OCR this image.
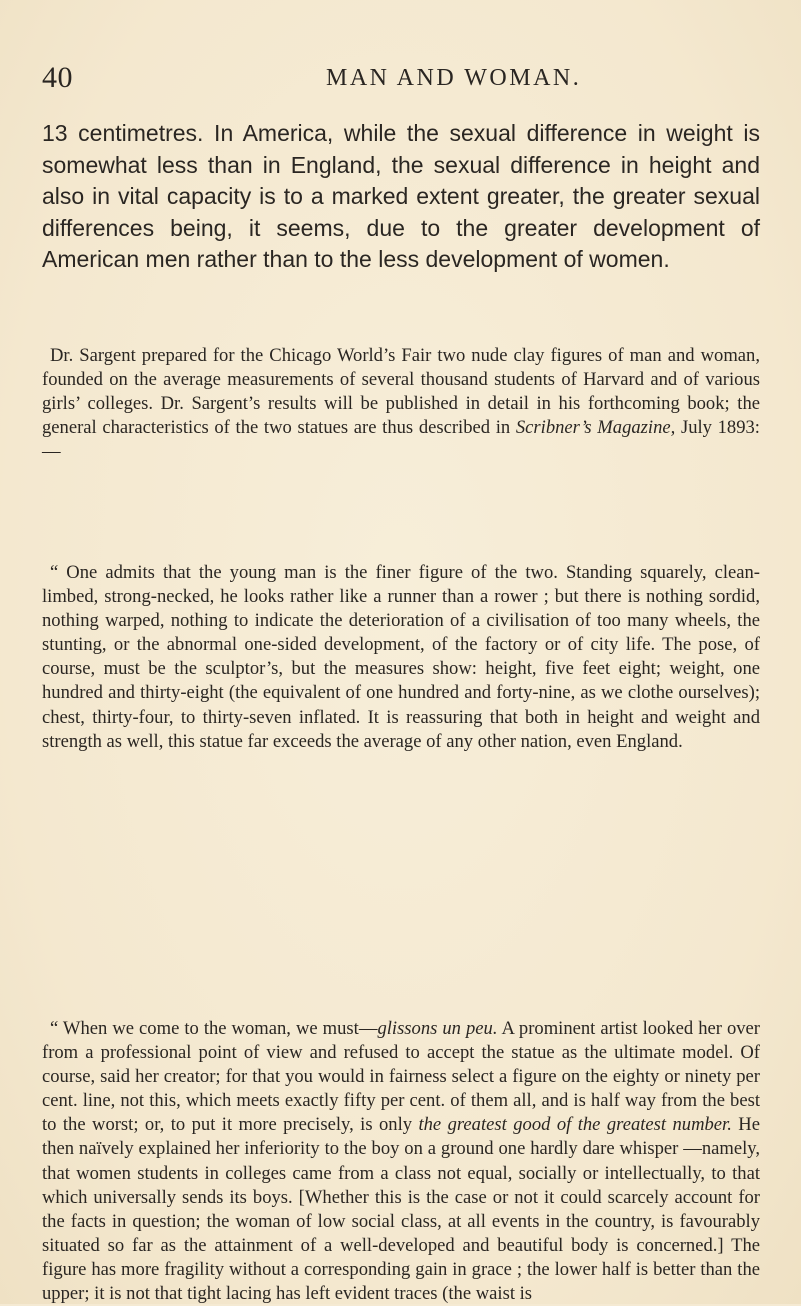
40	MAN AND WOMAN.

13 centimetres. In America, while the sexual difference in weight is somewhat less than in England, the sexual difference in height and also in vital capacity is to a marked extent greater, the greater sexual differences being, it seems, due to the greater development of American men rather than to the less development of women.

Dr. Sargent prepared for the Chicago World’s Fair two nude clay figures of man and woman, founded on the average measurements of several thousand students of Harvard and of various girls’ colleges. Dr. Sargent’s results will be published in detail in his forthcoming book; the general characteristics of the two statues are thus described in Scribner’s Magazine, July 1893:—

“ One admits that the young man is the finer figure of the two. Standing squarely, clean-limbed, strong-necked, he looks rather like a runner than a rower ; but there is nothing sordid, nothing warped, nothing to indicate the deterioration of a civilisation of too many wheels, the stunting, or the abnormal one-sided development, of the factory or of city life. The pose, of course, must be the sculptor’s, but the measures show: height, five feet eight; weight, one hundred and thirty-eight (the equivalent of one hundred and forty-nine, as we clothe ourselves); chest, thirty-four, to thirty-seven inflated. It is reassuring that both in height and weight and strength as well, this statue far exceeds the average of any other nation, even England.

“ When we come to the woman, we must—glissons un peu. A prominent artist looked her over from a professional point of view and refused to accept the statue as the ultimate model. Of course, said her creator; for that you would in fairness select a figure on the eighty or ninety per cent. line, not this, which meets exactly fifty per cent. of them all, and is half way from the best to the worst; or, to put it more precisely, is only the greatest good of the greatest number. He then naïvely explained her inferiority to the boy on a ground one hardly dare whisper —namely, that women students in colleges came from a class not equal, socially or intellectually, to that which universally sends its boys. [Whether this is the case or not it could scarcely account for the facts in question; the woman of low social class, at all events in the country, is favourably situated so far as the attainment of a well-developed and beautiful body is concerned.] The figure has more fragility without a corresponding gain in grace ; the lower half is better than the upper; it is not that tight lacing has left evident traces (the waist is
